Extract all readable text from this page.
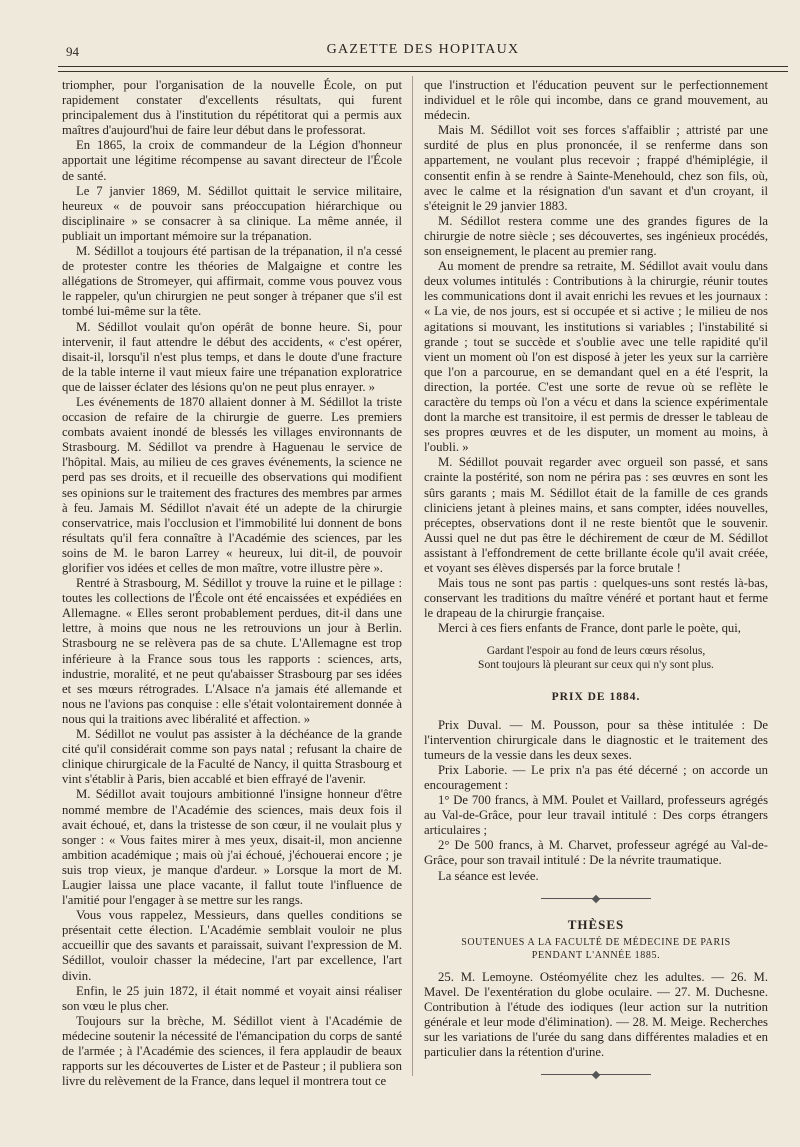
94	GAZETTE DES HOPITAUX

triompher, pour l'organisation de la nouvelle École, on put rapidement constater d'excellents résultats, qui furent principalement dus à l'institution du répétitorat qui a permis aux maîtres d'aujourd'hui de faire leur début dans le professorat.

En 1865, la croix de commandeur de la Légion d'honneur apportait une légitime récompense au savant directeur de l'École de santé.

Le 7 janvier 1869, M. Sédillot quittait le service militaire, heureux « de pouvoir sans préoccupation hiérarchique ou disciplinaire » se consacrer à sa clinique. La même année, il publiait un important mémoire sur la trépanation.

M. Sédillot a toujours été partisan de la trépanation, il n'a cessé de protester contre les théories de Malgaigne et contre les allégations de Stromeyer, qui affirmait, comme vous pouvez vous le rappeler, qu'un chirurgien ne peut songer à trépaner que s'il est tombé lui-même sur la tête.

M. Sédillot voulait qu'on opérât de bonne heure. Si, pour intervenir, il faut attendre le début des accidents, « c'est opérer, disait-il, lorsqu'il n'est plus temps, et dans le doute d'une fracture de la table interne il vaut mieux faire une trépanation exploratrice que de laisser éclater des lésions qu'on ne peut plus enrayer. »

Les événements de 1870 allaient donner à M. Sédillot la triste occasion de refaire de la chirurgie de guerre. Les premiers combats avaient inondé de blessés les villages environnants de Strasbourg. M. Sédillot va prendre à Haguenau le service de l'hôpital. Mais, au milieu de ces graves événements, la science ne perd pas ses droits, et il recueille des observations qui modifient ses opinions sur le traitement des fractures des membres par armes à feu. Jamais M. Sédillot n'avait été un adepte de la chirurgie conservatrice, mais l'occlusion et l'immobilité lui donnent de bons résultats qu'il fera connaître à l'Académie des sciences, par les soins de M. le baron Larrey « heureux, lui dit-il, de pouvoir glorifier vos idées et celles de mon maître, votre illustre père ».

Rentré à Strasbourg, M. Sédillot y trouve la ruine et le pillage : toutes les collections de l'École ont été encaissées et expédiées en Allemagne. « Elles seront probablement perdues, dit-il dans une lettre, à moins que nous ne les retrouvions un jour à Berlin. Strasbourg ne se relèvera pas de sa chute. L'Allemagne est trop inférieure à la France sous tous les rapports : sciences, arts, industrie, moralité, et ne peut qu'abaisser Strasbourg par ses idées et ses mœurs rétrogrades. L'Alsace n'a jamais été allemande et nous ne l'avions pas conquise : elle s'était volontairement donnée à nous qui la traitions avec libéralité et affection. »

M. Sédillot ne voulut pas assister à la déchéance de la grande cité qu'il considérait comme son pays natal ; refusant la chaire de clinique chirurgicale de la Faculté de Nancy, il quitta Strasbourg et vint s'établir à Paris, bien accablé et bien effrayé de l'avenir.

M. Sédillot avait toujours ambitionné l'insigne honneur d'être nommé membre de l'Académie des sciences, mais deux fois il avait échoué, et, dans la tristesse de son cœur, il ne voulait plus y songer : « Vous faites mirer à mes yeux, disait-il, mon ancienne ambition académique ; mais où j'ai échoué, j'échouerai encore ; je suis trop vieux, je manque d'ardeur. » Lorsque la mort de M. Laugier laissa une place vacante, il fallut toute l'influence de l'amitié pour l'engager à se mettre sur les rangs.

Vous vous rappelez, Messieurs, dans quelles conditions se présentait cette élection. L'Académie semblait vouloir ne plus accueillir que des savants et paraissait, suivant l'expression de M. Sédillot, vouloir chasser la médecine, l'art par excellence, l'art divin.

Enfin, le 25 juin 1872, il était nommé et voyait ainsi réaliser son vœu le plus cher.

Toujours sur la brèche, M. Sédillot vient à l'Académie de médecine soutenir la nécessité de l'émancipation du corps de santé de l'armée ; à l'Académie des sciences, il fera applaudir de beaux rapports sur les découvertes de Lister et de Pasteur ; il publiera son livre du relèvement de la France, dans lequel il montrera tout ce

que l'instruction et l'éducation peuvent sur le perfectionnement individuel et le rôle qui incombe, dans ce grand mouvement, au médecin.

Mais M. Sédillot voit ses forces s'affaiblir ; attristé par une surdité de plus en plus prononcée, il se renferme dans son appartement, ne voulant plus recevoir ; frappé d'hémiplégie, il consentit enfin à se rendre à Sainte-Menehould, chez son fils, où, avec le calme et la résignation d'un savant et d'un croyant, il s'éteignit le 29 janvier 1883.

M. Sédillot restera comme une des grandes figures de la chirurgie de notre siècle ; ses découvertes, ses ingénieux procédés, son enseignement, le placent au premier rang.

Au moment de prendre sa retraite, M. Sédillot avait voulu dans deux volumes intitulés : Contributions à la chirurgie, réunir toutes les communications dont il avait enrichi les revues et les journaux : « La vie, de nos jours, est si occupée et si active ; le milieu de nos agitations si mouvant, les institutions si variables ; l'instabilité si grande ; tout se succède et s'oublie avec une telle rapidité qu'il vient un moment où l'on est disposé à jeter les yeux sur la carrière que l'on a parcourue, en se demandant quel en a été l'esprit, la direction, la portée. C'est une sorte de revue où se reflète le caractère du temps où l'on a vécu et dans la science expérimentale dont la marche est transitoire, il est permis de dresser le tableau de ses propres œuvres et de les disputer, un moment au moins, à l'oubli. »

M. Sédillot pouvait regarder avec orgueil son passé, et sans crainte la postérité, son nom ne périra pas : ses œuvres en sont les sûrs garants ; mais M. Sédillot était de la famille de ces grands cliniciens jetant à pleines mains, et sans compter, idées nouvelles, préceptes, observations dont il ne reste bientôt que le souvenir. Aussi quel ne dut pas être le déchirement de cœur de M. Sédillot assistant à l'effondrement de cette brillante école qu'il avait créée, et voyant ses élèves dispersés par la force brutale !

Mais tous ne sont pas partis : quelques-uns sont restés là-bas, conservant les traditions du maître vénéré et portant haut et ferme le drapeau de la chirurgie française.

Merci à ces fiers enfants de France, dont parle le poète, qui,

Gardant l'espoir au fond de leurs cœurs résolus,
Sont toujours là pleurant sur ceux qui n'y sont plus.
PRIX DE 1884.

Prix Duval. — M. Pousson, pour sa thèse intitulée : De l'intervention chirurgicale dans le diagnostic et le traitement des tumeurs de la vessie dans les deux sexes.

Prix Laborie. — Le prix n'a pas été décerné ; on accorde un encouragement :

1° De 700 francs, à MM. Poulet et Vaillard, professeurs agrégés au Val-de-Grâce, pour leur travail intitulé : Des corps étrangers articulaires ;

2° De 500 francs, à M. Charvet, professeur agrégé au Val-de-Grâce, pour son travail intitulé : De la névrite traumatique.

La séance est levée.

THÈSES
SOUTENUES A LA FACULTÉ DE MÉDECINE DE PARIS
PENDANT L'ANNÉE 1885.

25. M. Lemoyne. Ostéomyélite chez les adultes. — 26. M. Mavel. De l'exentération du globe oculaire. — 27. M. Duchesne. Contribution à l'étude des iodiques (leur action sur la nutrition générale et leur mode d'élimination). — 28. M. Meige. Recherches sur les variations de l'urée du sang dans différentes maladies et en particulier dans la rétention d'urine.
